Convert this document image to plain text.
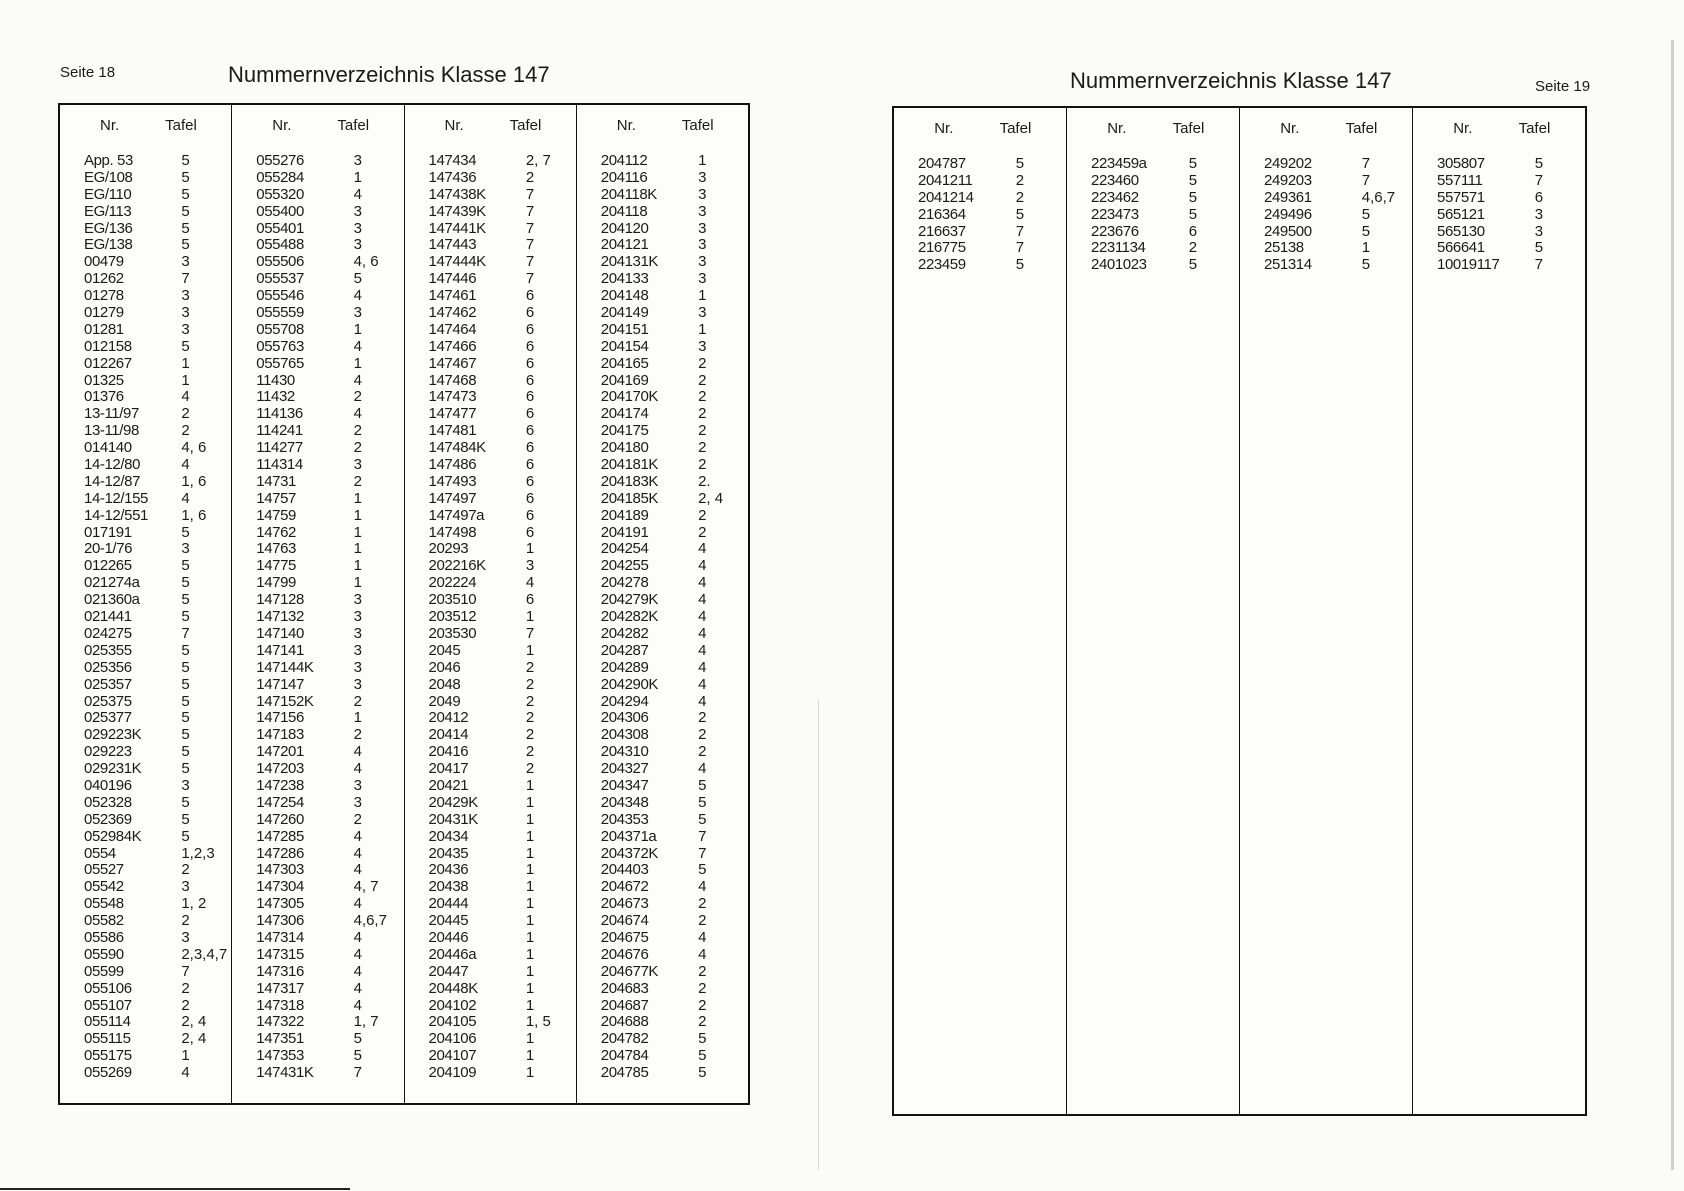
Seite 18	Nummernverzeichnis Klasse 147
Nr.	Tafel
App. 53	5
EG/108	5
EG/110	5
EG/113	5
EG/136	5
EG/138	5
00479	3
01262	7
01278	3
01279	3
01281	3
012158	5
012267	1
01325	1
01376	4
13-11/97	2
13-11/98	2
014140	4, 6
14-12/80	4
14-12/87	1, 6
14-12/155	4
14-12/551	1, 6
017191	5
20-1/76	3
012265	5
021274a	5
021360a	5
021441	5
024275	7
025355	5
025356	5
025357	5
025375	5
025377	5
029223K	5
029223	5
029231K	5
040196	3
052328	5
052369	5
052984K	5
0554	1,2,3
05527	2
05542	3
05548	1, 2
05582	2
05586	3
05590	2,3,4,7
05599	7
055106	2
055107	2
055114	2, 4
055115	2, 4
055175	1
055269	4
Nr.	Tafel
055276	3
055284	1
055320	4
055400	3
055401	3
055488	3
055506	4, 6
055537	5
055546	4
055559	3
055708	1
055763	4
055765	1
11430	4
11432	2
114136	4
114241	2
114277	2
114314	3
14731	2
14757	1
14759	1
14762	1
14763	1
14775	1
14799	1
147128	3
147132	3
147140	3
147141	3
147144K	3
147147	3
147152K	2
147156	1
147183	2
147201	4
147203	4
147238	3
147254	3
147260	2
147285	4
147286	4
147303	4
147304	4, 7
147305	4
147306	4,6,7
147314	4
147315	4
147316	4
147317	4
147318	4
147322	1, 7
147351	5
147353	5
147431K	7
Nr.	Tafel
147434	2, 7
147436	2
147438K	7
147439K	7
147441K	7
147443	7
147444K	7
147446	7
147461	6
147462	6
147464	6
147466	6
147467	6
147468	6
147473	6
147477	6
147481	6
147484K	6
147486	6
147493	6
147497	6
147497a	6
147498	6
20293	1
202216K	3
202224	4
203510	6
203512	1
203530	7
2045	1
2046	2
2048	2
2049	2
20412	2
20414	2
20416	2
20417	2
20421	1
20429K	1
20431K	1
20434	1
20435	1
20436	1
20438	1
20444	1
20445	1
20446	1
20446a	1
20447	1
20448K	1
204102	1
204105	1, 5
204106	1
204107	1
204109	1
Nr.	Tafel
204112	1
204116	3
204118K	3
204118	3
204120	3
204121	3
204131K	3
204133	3
204148	1
204149	3
204151	1
204154	3
204165	2
204169	2
204170K	2
204174	2
204175	2
204180	2
204181K	2
204183K	2.
204185K	2, 4
204189	2
204191	2
204254	4
204255	4
204278	4
204279K	4
204282K	4
204282	4
204287	4
204289	4
204290K	4
204294	4
204306	2
204308	2
204310	2
204327	4
204347	5
204348	5
204353	5
204371a	7
204372K	7
204403	5
204672	4
204673	2
204674	2
204675	4
204676	4
204677K	2
204683	2
204687	2
204688	2
204782	5
204784	5
204785	5
Nummernverzeichnis Klasse 147	Seite 19
Nr.	Tafel
204787	5
2041211	2
2041214	2
216364	5
216637	7
216775	7
223459	5
Nr.	Tafel
223459a	5
223460	5
223462	5
223473	5
223676	6
2231134	2
2401023	5
Nr.	Tafel
249202	7
249203	7
249361	4,6,7
249496	5
249500	5
25138	1
251314	5
Nr.	Tafel
305807	5
557111	7
557571	6
565121	3
565130	3
566641	5
10019117	7
